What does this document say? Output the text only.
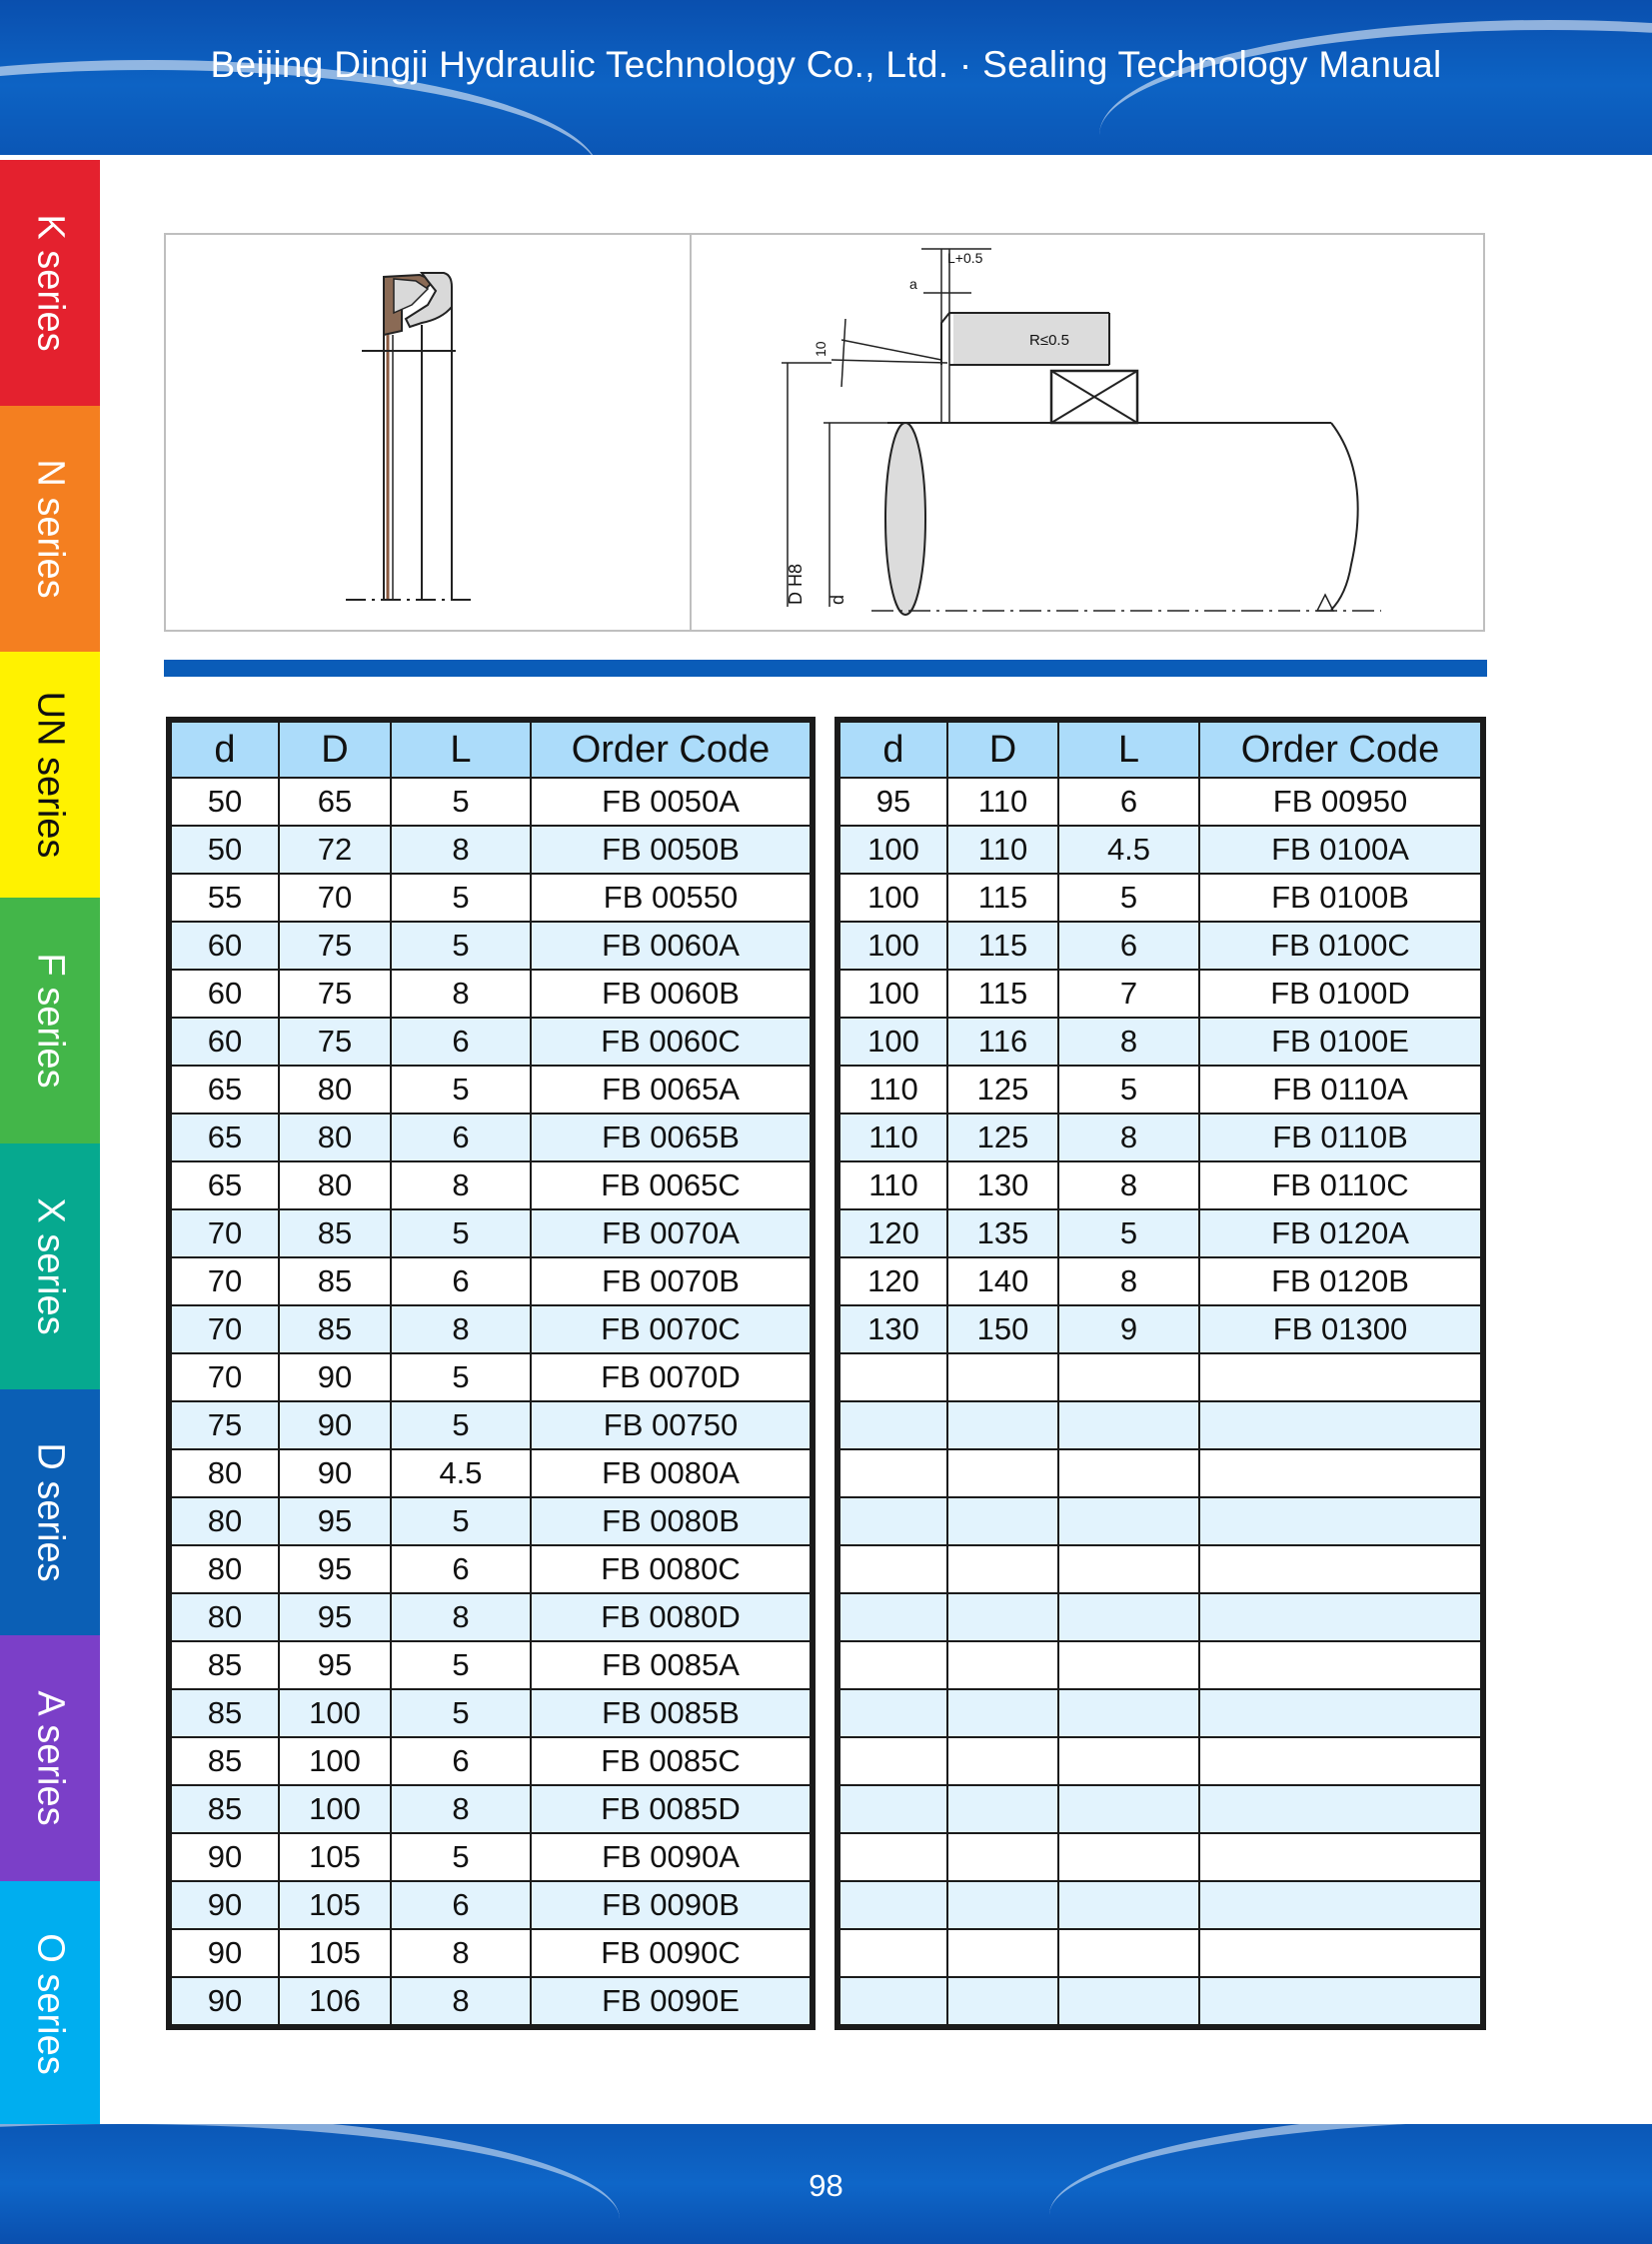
Beijing Dingji Hydraulic Technology Co., Ltd. · Sealing Technology Manual
K series
N series
UN series
F series
X series
D series
A series
O series
L+0.5
a
R≤0.5
10
D H8 d
d	D	L	Order Code
50	65	5	FB 0050A
50	72	8	FB 0050B
55	70	5	FB 00550
60	75	5	FB 0060A
60	75	8	FB 0060B
60	75	6	FB 0060C
65	80	5	FB 0065A
65	80	6	FB 0065B
65	80	8	FB 0065C
70	85	5	FB 0070A
70	85	6	FB 0070B
70	85	8	FB 0070C
70	90	5	FB 0070D
75	90	5	FB 00750
80	90	4.5	FB 0080A
80	95	5	FB 0080B
80	95	6	FB 0080C
80	95	8	FB 0080D
85	95	5	FB 0085A
85	100	5	FB 0085B
85	100	6	FB 0085C
85	100	8	FB 0085D
90	105	5	FB 0090A
90	105	6	FB 0090B
90	105	8	FB 0090C
90	106	8	FB 0090E
d	D	L	Order Code
95	110	6	FB 00950
100	110	4.5	FB 0100A
100	115	5	FB 0100B
100	115	6	FB 0100C
100	115	7	FB 0100D
100	116	8	FB 0100E
110	125	5	FB 0110A
110	125	8	FB 0110B
110	130	8	FB 0110C
120	135	5	FB 0120A
120	140	8	FB 0120B
130	150	9	FB 01300

98
